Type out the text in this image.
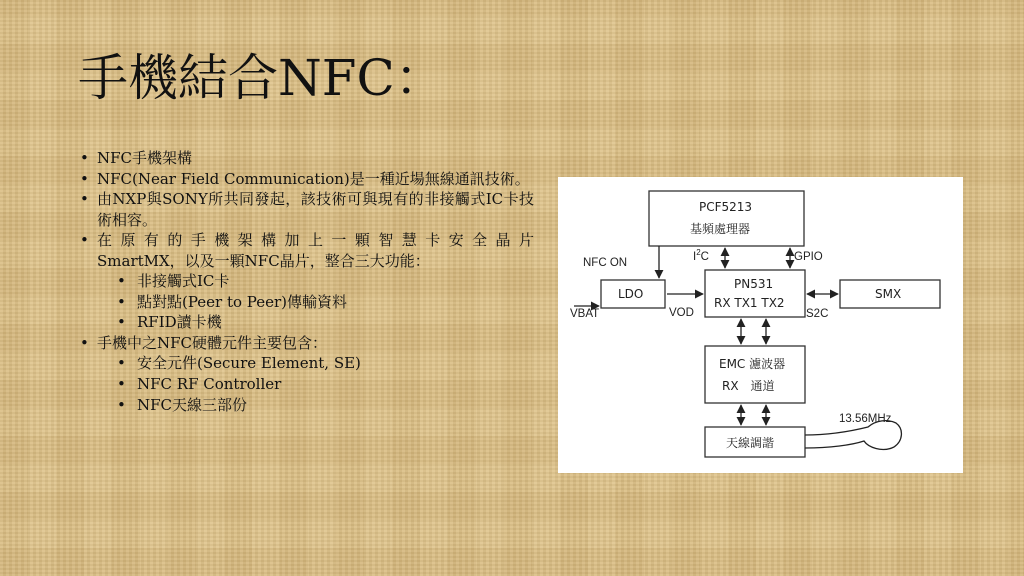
手機結合NFC：
• NFC手機架構
• NFC(Near Field Communication)是一種近場無線通訊技術。
• 由NXP與SONY所共同發起，該技術可與現有的非接觸式IC卡技術相容。
• 在原有的手機架構加上一顆智慧卡安全晶片
SmartMX，以及一顆NFC晶片，整合三大功能：
• 非接觸式IC卡
• 點對點(Peer to Peer)傳輸資料
• RFID讀卡機
• 手機中之NFC硬體元件主要包含：
• 安全元件(Secure Element, SE)
• NFC RF Controller
• NFC天線三部份
PCF5213
基頻處理器
PN531
RX TX1 TX2
LDO	SMX
EMC 濾波器
RX　通道
天線調諧
NFC ON	$I^2C$	GPIO
VBAT	VOD	S2C
13.56MHz
